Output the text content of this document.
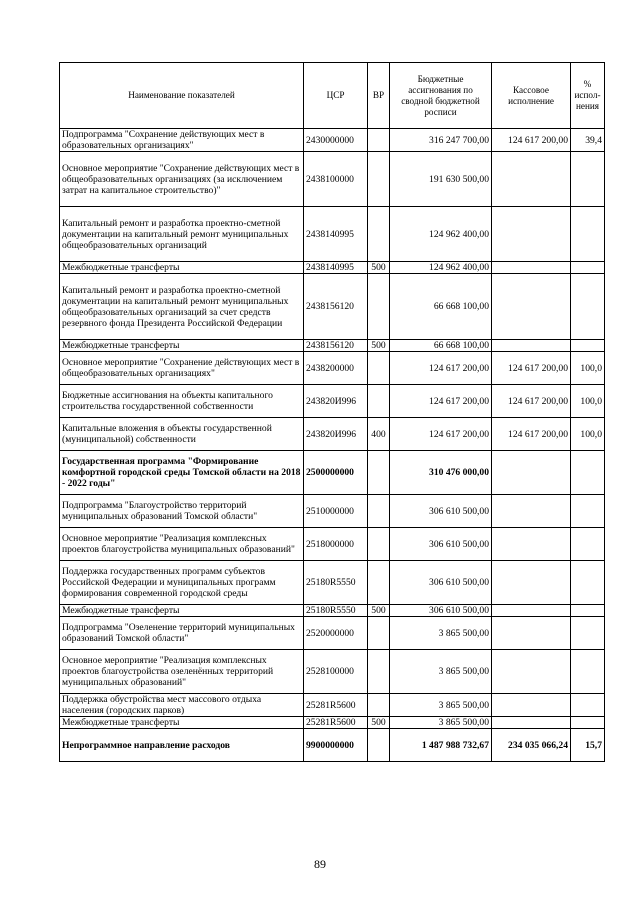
Наименование показателей	ЦСР	ВР	Бюджетные ассигнования по сводной бюджетной росписи	Кассовое исполнение	% испол-нения
Подпрограмма "Сохранение действующих мест в образовательных организациях"	2430000000		316 247 700,00	124 617 200,00	39,4
Основное мероприятие "Сохранение действующих мест в общеобразовательных организациях (за исключением затрат на капитальное строительство)"	2438100000		191 630 500,00		
Капитальный ремонт и разработка проектно-сметной документации на капитальный ремонт муниципальных общеобразовательных организаций	2438140995		124 962 400,00		
Межбюджетные трансферты	2438140995	500	124 962 400,00		
Капитальный ремонт и разработка проектно-сметной документации на капитальный ремонт муниципальных общеобразовательных организаций за счет средств резервного фонда Президента Российской Федерации	2438156120		66 668 100,00		
Межбюджетные трансферты	2438156120	500	66 668 100,00		
Основное мероприятие "Сохранение действующих мест в общеобразовательных организациях"	2438200000		124 617 200,00	124 617 200,00	100,0
Бюджетные ассигнования на объекты капитального строительства государственной собственности	243820И996		124 617 200,00	124 617 200,00	100,0
Капитальные вложения в объекты государственной (муниципальной) собственности	243820И996	400	124 617 200,00	124 617 200,00	100,0
Государственная программа "Формирование комфортной городской среды Томской области на 2018 - 2022 годы"	2500000000		310 476 000,00		
Подпрограмма "Благоустройство территорий муниципальных образований Томской области"	2510000000		306 610 500,00		
Основное мероприятие "Реализация комплексных проектов благоустройства муниципальных образований"	2518000000		306 610 500,00		
Поддержка государственных программ субъектов Российской Федерации и муниципальных программ формирования современной городской среды	25180R5550		306 610 500,00		
Межбюджетные трансферты	25180R5550	500	306 610 500,00		
Подпрограмма "Озеленение территорий муниципальных образований Томской области"	2520000000		3 865 500,00		
Основное мероприятие "Реализация комплексных проектов благоустройства озеленённых территорий муниципальных образований"	2528100000		3 865 500,00		
Поддержка обустройства мест массового отдыха населения (городских парков)	25281R5600		3 865 500,00		
Межбюджетные трансферты	25281R5600	500	3 865 500,00		
Непрограммное направление расходов	9900000000		1 487 988 732,67	234 035 066,24	15,7
89
